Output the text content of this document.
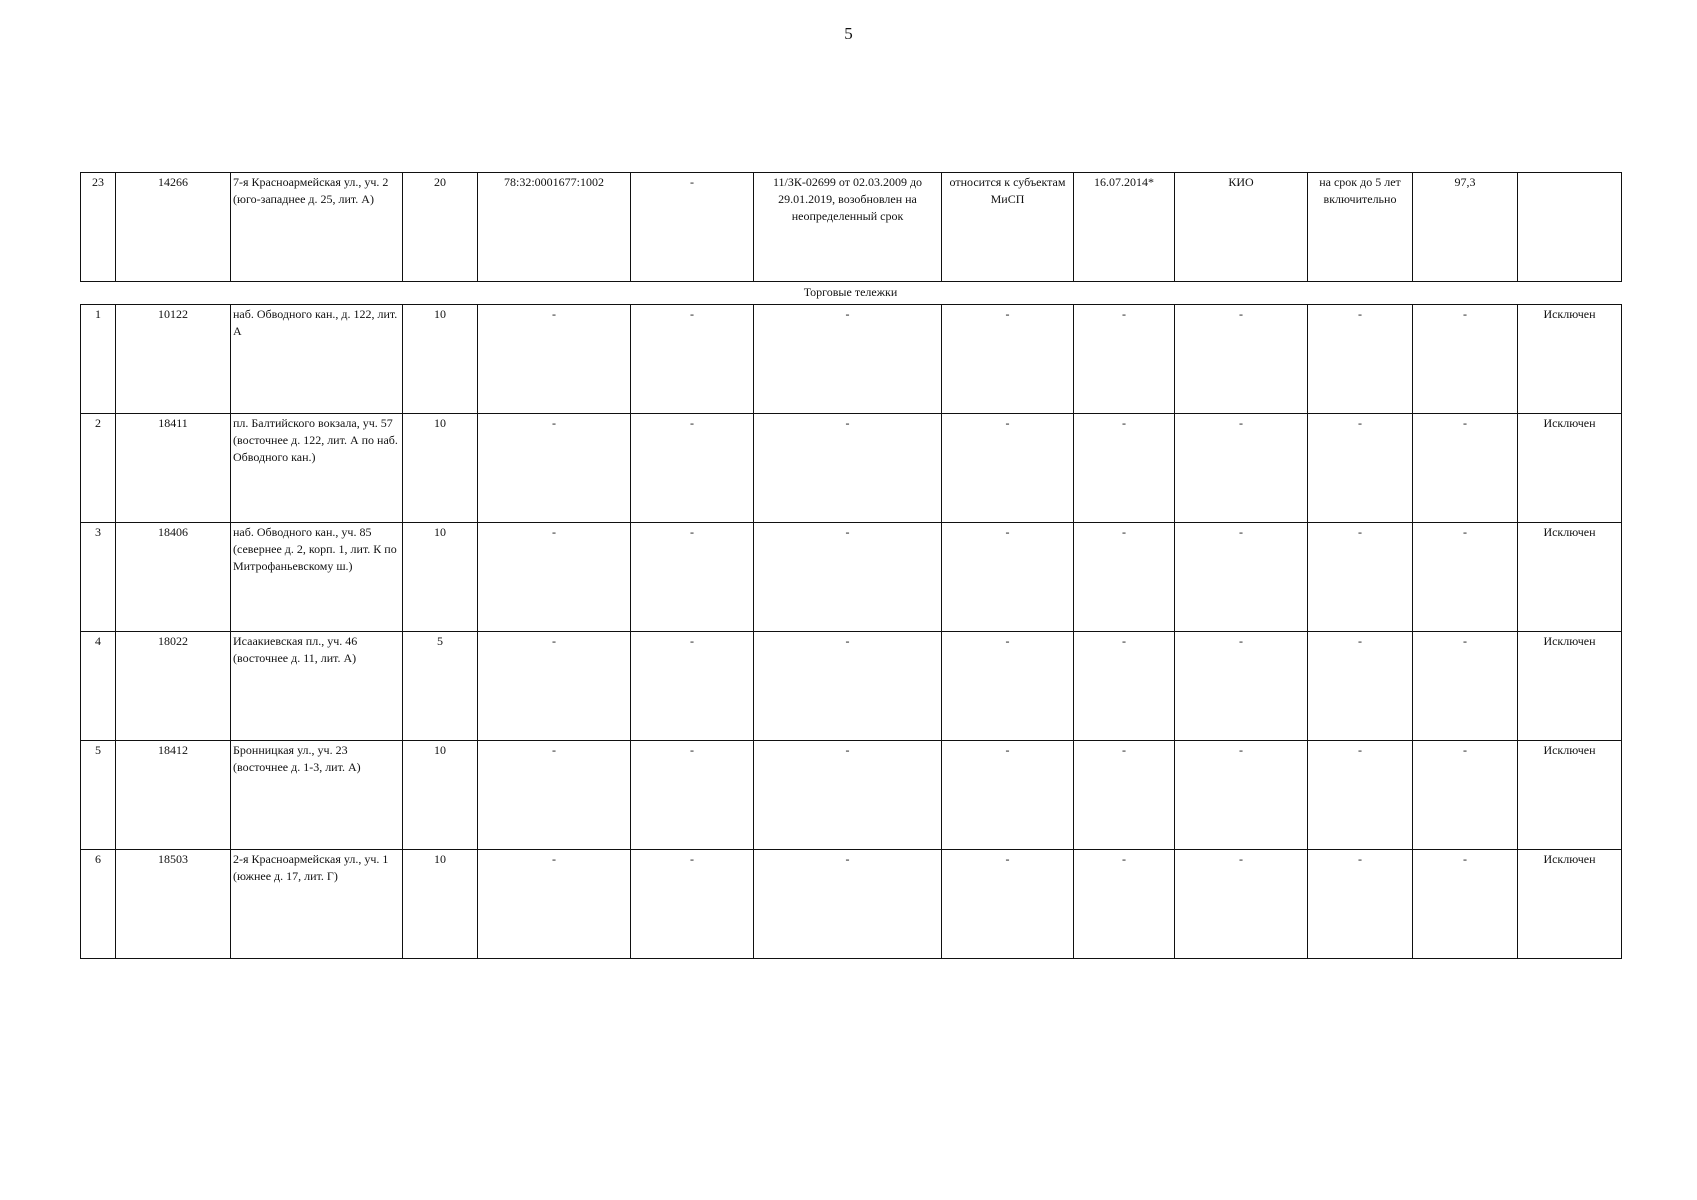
5
23	14266	7-я Красноармейская ул., уч. 2 (юго-западнее д. 25, лит. А)	20	78:32:0001677:1002	-	11/ЗК-02699 от 02.03.2009 до 29.01.2019, возобновлен на неопределенный срок	относится к субъектам МиСП	16.07.2014*	КИО	на срок до 5 лет включительно	97,3	
Торговые тележки
1	10122	наб. Обводного кан., д. 122, лит. А	10	-	-	-	-	-	-	-	-	Исключен
2	18411	пл. Балтийского вокзала, уч. 57 (восточнее д. 122, лит. А по наб. Обводного кан.)	10	-	-	-	-	-	-	-	-	Исключен
3	18406	наб. Обводного кан., уч. 85 (севернее д. 2, корп. 1, лит. К по Митрофаньевскому ш.)	10	-	-	-	-	-	-	-	-	Исключен
4	18022	Исаакиевская пл., уч. 46 (восточнее д. 11, лит. А)	5	-	-	-	-	-	-	-	-	Исключен
5	18412	Бронницкая ул., уч. 23 (восточнее д. 1-3, лит. А)	10	-	-	-	-	-	-	-	-	Исключен
6	18503	2-я Красноармейская ул., уч. 1 (южнее д. 17, лит. Г)	10	-	-	-	-	-	-	-	-	Исключен
